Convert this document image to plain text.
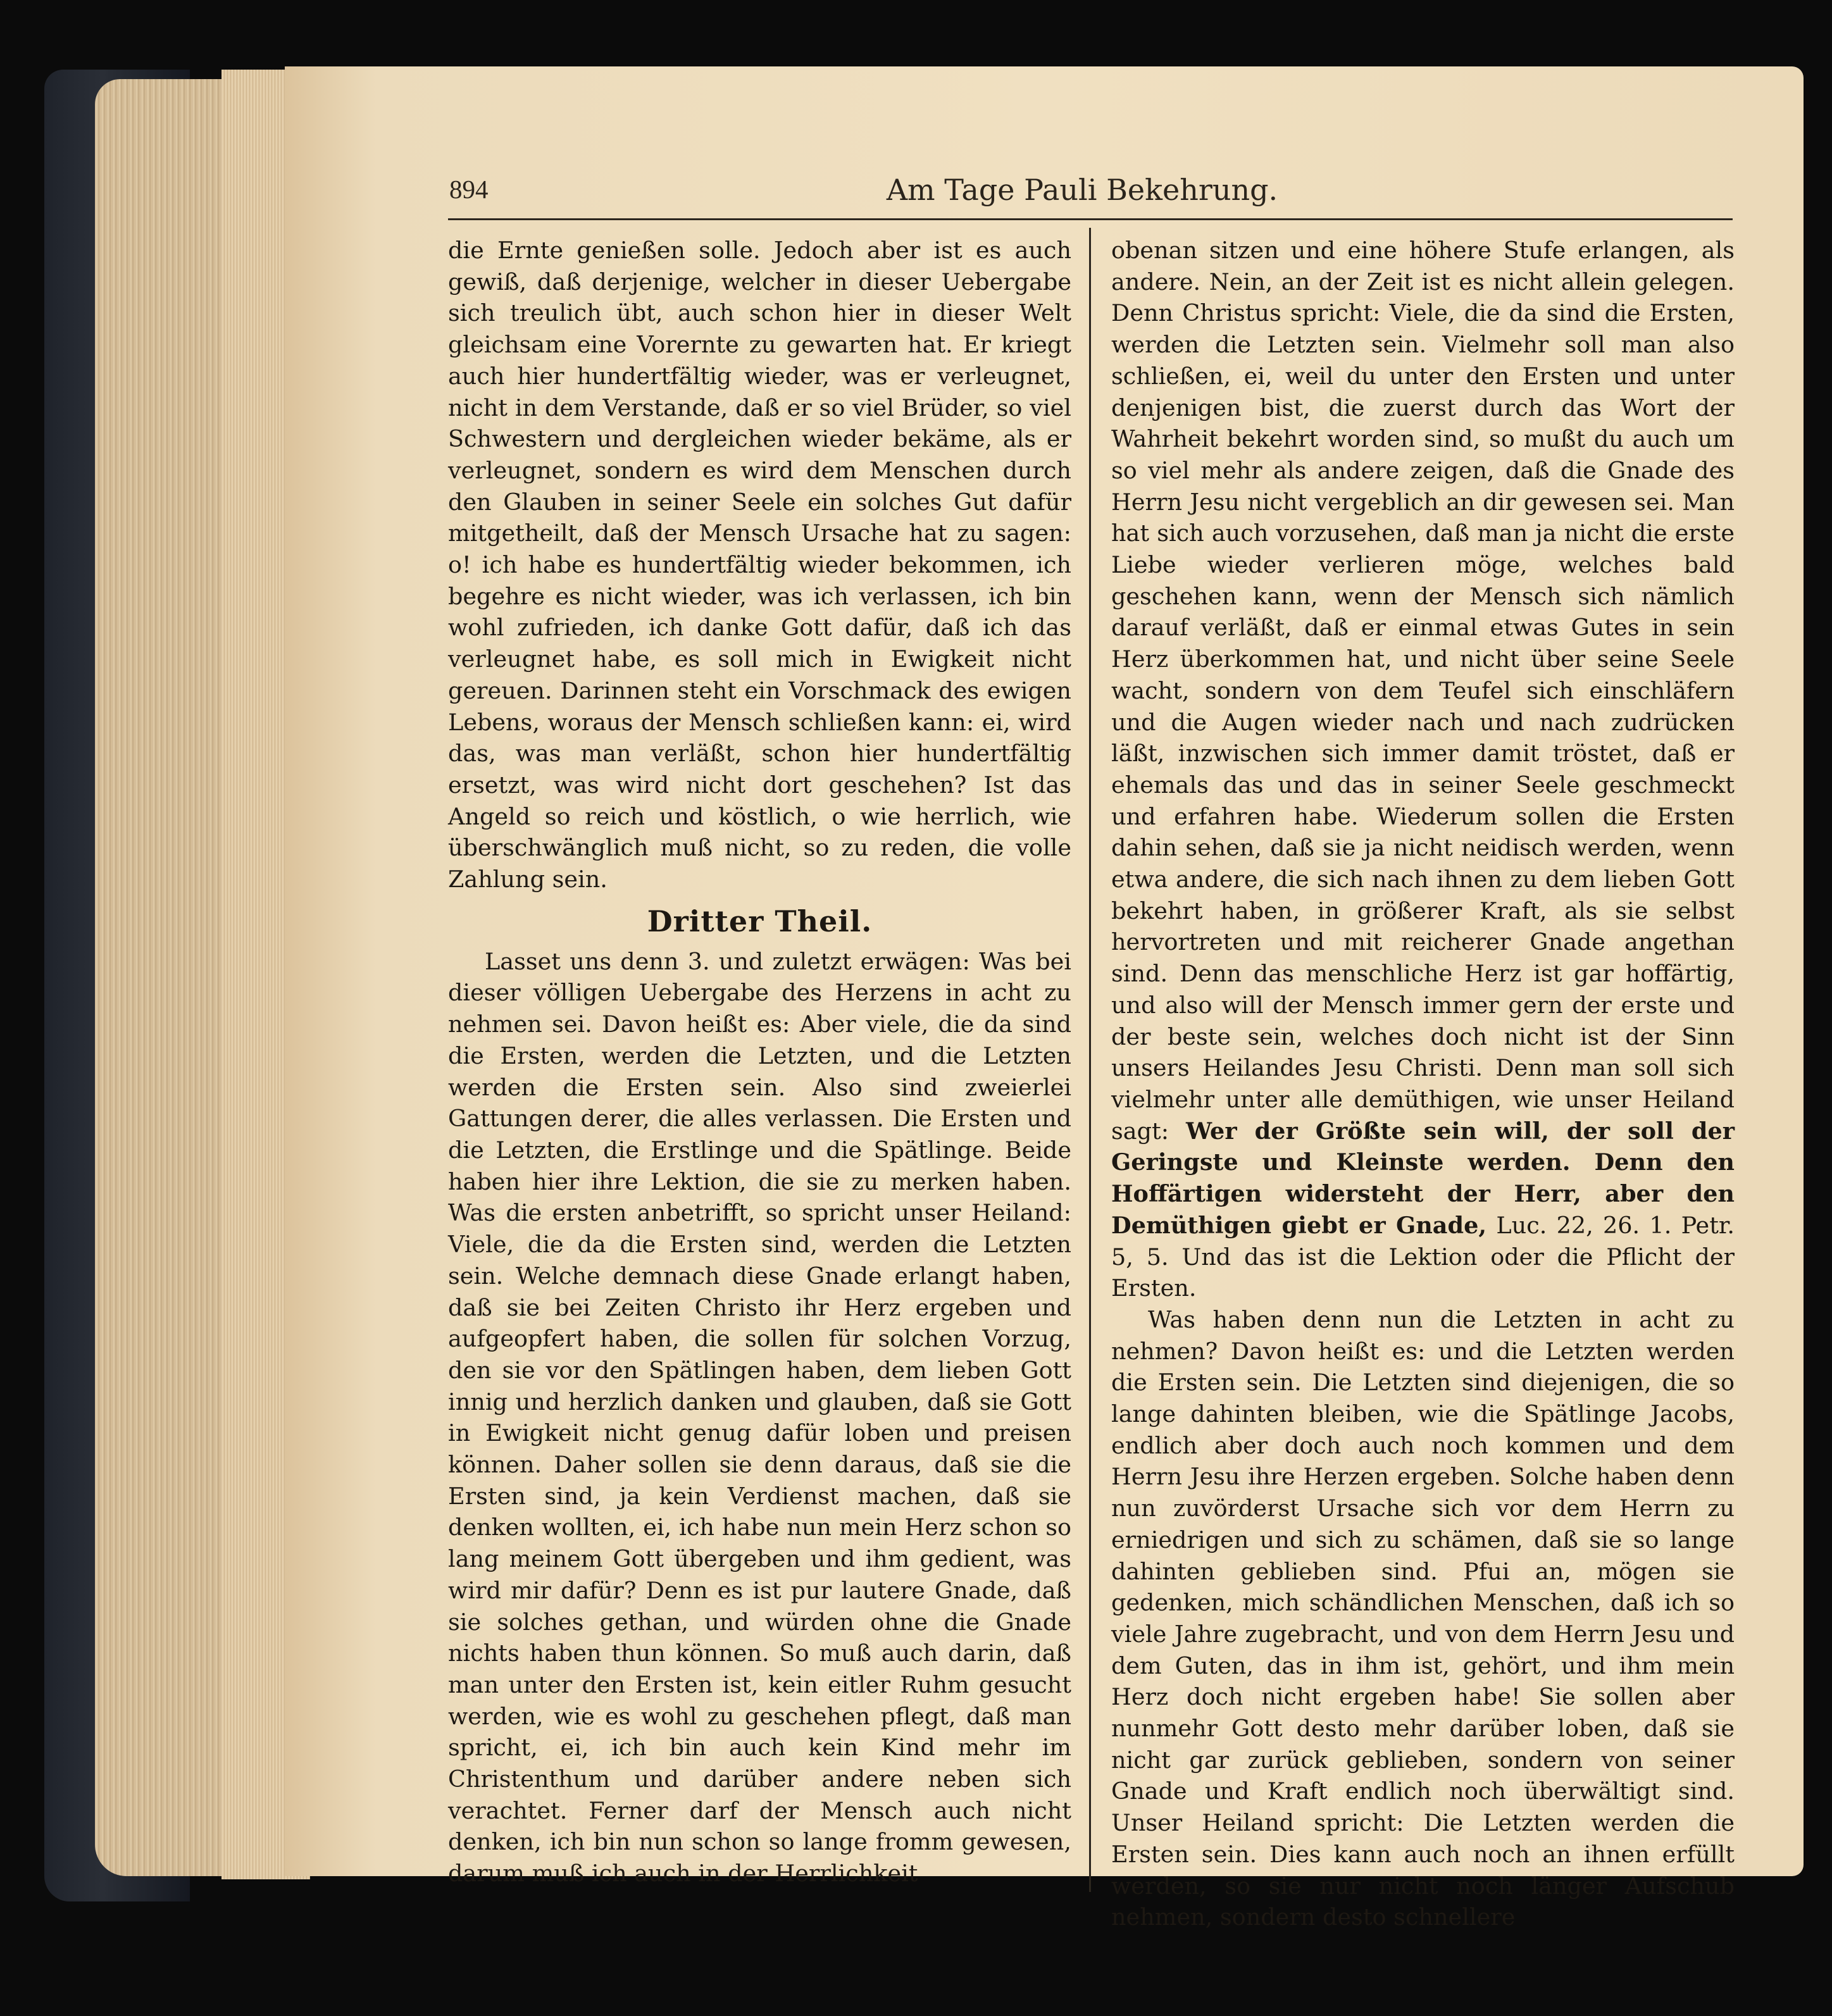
894	Am Tage Pauli Bekehrung.

die Ernte genießen solle. Jedoch aber ist es auch gewiß, daß derjenige, welcher in dieser Uebergabe sich treulich übt, auch schon hier in dieser Welt gleichsam eine Vorernte zu gewarten hat. Er kriegt auch hier hundertfältig wieder, was er verleugnet, nicht in dem Verstande, daß er so viel Brüder, so viel Schwestern und dergleichen wieder bekäme, als er verleugnet, sondern es wird dem Menschen durch den Glauben in seiner Seele ein solches Gut dafür mitgetheilt, daß der Mensch Ursache hat zu sagen: o! ich habe es hundertfältig wieder bekommen, ich begehre es nicht wieder, was ich verlassen, ich bin wohl zufrieden, ich danke Gott dafür, daß ich das verleugnet habe, es soll mich in Ewigkeit nicht gereuen. Darinnen steht ein Vorschmack des ewigen Lebens, woraus der Mensch schließen kann: ei, wird das, was man verläßt, schon hier hundertfältig ersetzt, was wird nicht dort geschehen? Ist das Angeld so reich und köstlich, o wie herrlich, wie überschwänglich muß nicht, so zu reden, die volle Zahlung sein.

Dritter Theil.

Lasset uns denn 3. und zuletzt erwägen: Was bei dieser völligen Uebergabe des Herzens in acht zu nehmen sei. Davon heißt es: Aber viele, die da sind die Ersten, werden die Letzten, und die Letzten werden die Ersten sein. Also sind zweierlei Gattungen derer, die alles verlassen. Die Ersten und die Letzten, die Erstlinge und die Spätlinge. Beide haben hier ihre Lektion, die sie zu merken haben. Was die ersten anbetrifft, so spricht unser Heiland: Viele, die da die Ersten sind, werden die Letzten sein. Welche demnach diese Gnade erlangt haben, daß sie bei Zeiten Christo ihr Herz ergeben und aufgeopfert haben, die sollen für solchen Vorzug, den sie vor den Spätlingen haben, dem lieben Gott innig und herzlich danken und glauben, daß sie Gott in Ewigkeit nicht genug dafür loben und preisen können. Daher sollen sie denn daraus, daß sie die Ersten sind, ja kein Verdienst machen, daß sie denken wollten, ei, ich habe nun mein Herz schon so lang meinem Gott übergeben und ihm gedient, was wird mir dafür? Denn es ist pur lautere Gnade, daß sie solches gethan, und würden ohne die Gnade nichts haben thun können. So muß auch darin, daß man unter den Ersten ist, kein eitler Ruhm gesucht werden, wie es wohl zu geschehen pflegt, daß man spricht, ei, ich bin auch kein Kind mehr im Christenthum und darüber andere neben sich verachtet. Ferner darf der Mensch auch nicht denken, ich bin nun schon so lange fromm gewesen, darum muß ich auch in der Herrlichkeit

obenan sitzen und eine höhere Stufe erlangen, als andere. Nein, an der Zeit ist es nicht allein gelegen. Denn Christus spricht: Viele, die da sind die Ersten, werden die Letzten sein. Vielmehr soll man also schließen, ei, weil du unter den Ersten und unter denjenigen bist, die zuerst durch das Wort der Wahrheit bekehrt worden sind, so mußt du auch um so viel mehr als andere zeigen, daß die Gnade des Herrn Jesu nicht vergeblich an dir gewesen sei. Man hat sich auch vorzusehen, daß man ja nicht die erste Liebe wieder verlieren möge, welches bald geschehen kann, wenn der Mensch sich nämlich darauf verläßt, daß er einmal etwas Gutes in sein Herz überkommen hat, und nicht über seine Seele wacht, sondern von dem Teufel sich einschläfern und die Augen wieder nach und nach zudrücken läßt, inzwischen sich immer damit tröstet, daß er ehemals das und das in seiner Seele geschmeckt und erfahren habe. Wiederum sollen die Ersten dahin sehen, daß sie ja nicht neidisch werden, wenn etwa andere, die sich nach ihnen zu dem lieben Gott bekehrt haben, in größerer Kraft, als sie selbst hervortreten und mit reicherer Gnade angethan sind. Denn das menschliche Herz ist gar hoffärtig, und also will der Mensch immer gern der erste und der beste sein, welches doch nicht ist der Sinn unsers Heilandes Jesu Christi. Denn man soll sich vielmehr unter alle demüthigen, wie unser Heiland sagt: Wer der Größte sein will, der soll der Geringste und Kleinste werden. Denn den Hoffärtigen widersteht der Herr, aber den Demüthigen giebt er Gnade, Luc. 22, 26. 1. Petr. 5, 5. Und das ist die Lektion oder die Pflicht der Ersten.

Was haben denn nun die Letzten in acht zu nehmen? Davon heißt es: und die Letzten werden die Ersten sein. Die Letzten sind diejenigen, die so lange dahinten bleiben, wie die Spätlinge Jacobs, endlich aber doch auch noch kommen und dem Herrn Jesu ihre Herzen ergeben. Solche haben denn nun zuvörderst Ursache sich vor dem Herrn zu erniedrigen und sich zu schämen, daß sie so lange dahinten geblieben sind. Pfui an, mögen sie gedenken, mich schändlichen Menschen, daß ich so viele Jahre zugebracht, und von dem Herrn Jesu und dem Guten, das in ihm ist, gehört, und ihm mein Herz doch nicht ergeben habe! Sie sollen aber nunmehr Gott desto mehr darüber loben, daß sie nicht gar zurück geblieben, sondern von seiner Gnade und Kraft endlich noch überwältigt sind. Unser Heiland spricht: Die Letzten werden die Ersten sein. Dies kann auch noch an ihnen erfüllt werden, so sie nur nicht noch länger Aufschub nehmen, sondern desto schnellere
